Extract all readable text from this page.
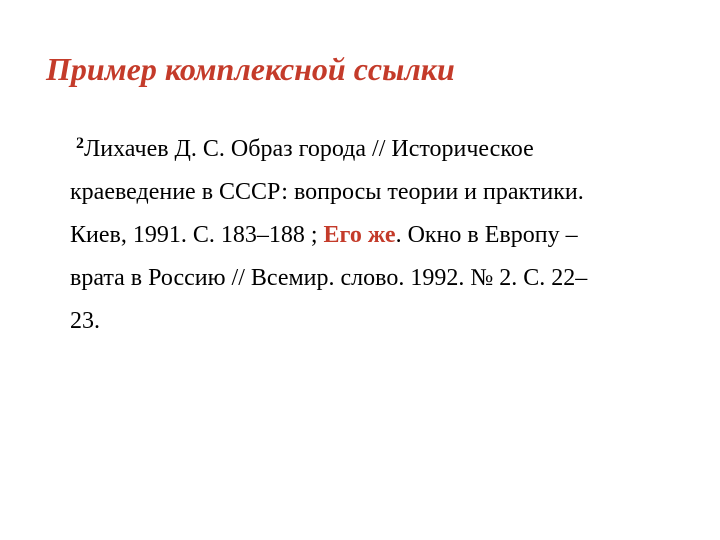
Пример комплексной ссылки
$^2$Лихачев Д. С. Образ города // Историческое
краеведение в СССР: вопросы теории и практики.
Киев, 1991. С. 183–188 ; Его же. Окно в Европу –
врата в Россию // Всемир. слово. 1992. № 2. С. 22–
23.
